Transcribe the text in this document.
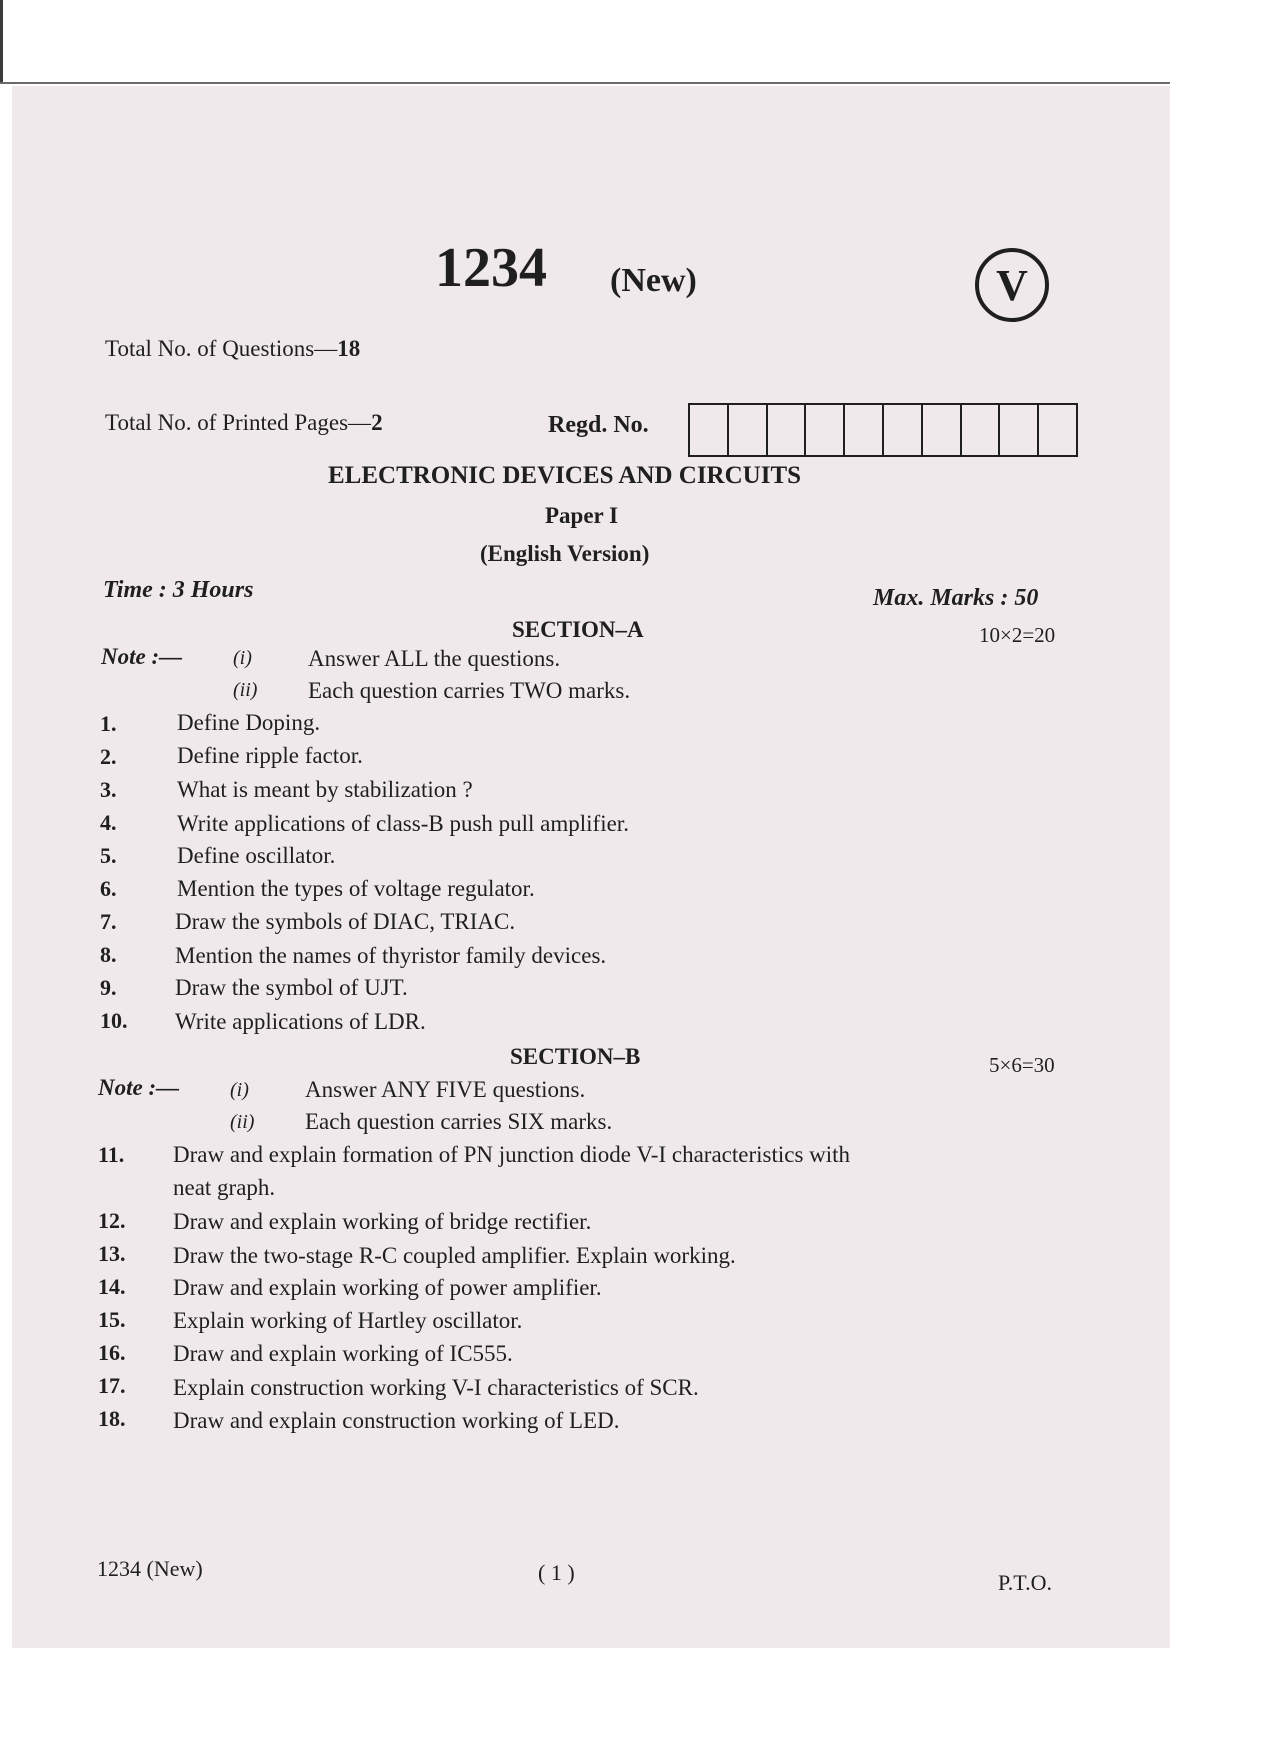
1234 (New)	V
Total No. of Questions—18
Total No. of Printed Pages—2	Regd. No.
ELECTRONIC DEVICES AND CIRCUITS
Paper I
(English Version)
Time : 3 Hours	Max. Marks : 50
SECTION–A	10×2=20
Note :—	(i) Answer ALL the questions.
(ii) Each question carries TWO marks.
1.	Define Doping.
2.	Define ripple factor.
3.	What is meant by stabilization ?
4.	Write applications of class-B push pull amplifier.
5.	Define oscillator.
6.	Mention the types of voltage regulator.
7.	Draw the symbols of DIAC, TRIAC.
8.	Mention the names of thyristor family devices.
9.	Draw the symbol of UJT.
10. Write applications of LDR.
SECTION–B	5×6=30
Note :—	(i) Answer ANY FIVE questions.
(ii) Each question carries SIX marks.
11. Draw and explain formation of PN junction diode V-I characteristics with
neat graph.
12. Draw and explain working of bridge rectifier.
13. Draw the two-stage R-C coupled amplifier. Explain working.
14. Draw and explain working of power amplifier.
15. Explain working of Hartley oscillator.
16. Draw and explain working of IC555.
17. Explain construction working V-I characteristics of SCR.
18. Draw and explain construction working of LED.
1234 (New)	( 1 )	P.T.O.
